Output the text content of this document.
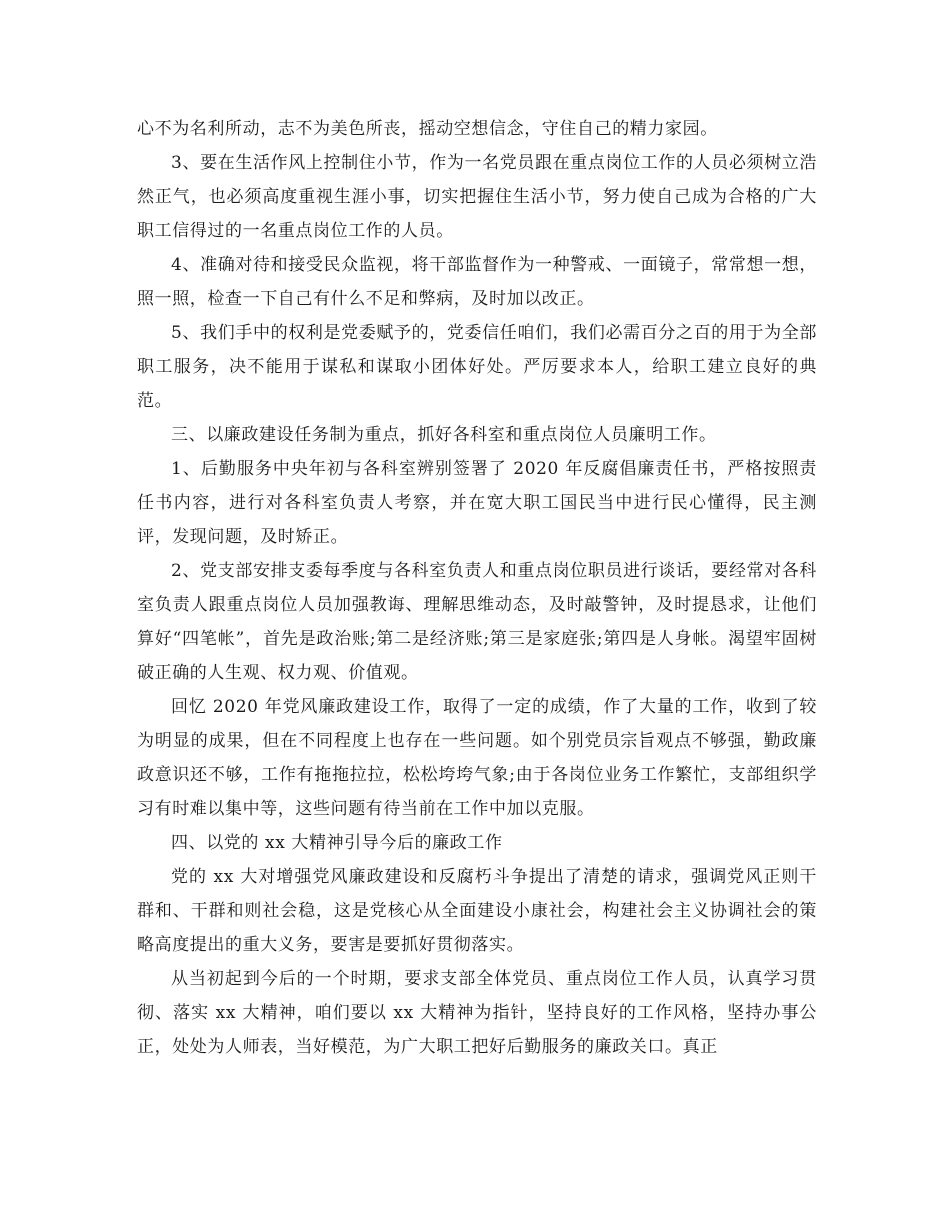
心不为名利所动，志不为美色所丧，摇动空想信念，守住自己的精力家园。

3、要在生活作风上控制住小节，作为一名党员跟在重点岗位工作的人员必须树立浩然正气，也必须高度重视生涯小事，切实把握住生活小节，努力使自己成为合格的广大职工信得过的一名重点岗位工作的人员。

4、准确对待和接受民众监视，将干部监督作为一种警戒、一面镜子，常常想一想，照一照，检查一下自己有什么不足和弊病，及时加以改正。

5、我们手中的权利是党委赋予的，党委信任咱们，我们必需百分之百的用于为全部职工服务，决不能用于谋私和谋取小团体好处。严厉要求本人，给职工建立良好的典范。

三、以廉政建设任务制为重点，抓好各科室和重点岗位人员廉明工作。

1、后勤服务中央年初与各科室辨别签署了 2020 年反腐倡廉责任书，严格按照责任书内容，进行对各科室负责人考察，并在宽大职工国民当中进行民心懂得，民主测评，发现问题，及时矫正。

2、党支部安排支委每季度与各科室负责人和重点岗位职员进行谈话，要经常对各科室负责人跟重点岗位人员加强教诲、理解思维动态，及时敲警钟，及时提恳求，让他们算好“四笔帐”，首先是政治账;第二是经济账;第三是家庭张;第四是人身帐。渴望牢固树破正确的人生观、权力观、价值观。

回忆 2020 年党风廉政建设工作，取得了一定的成绩，作了大量的工作，收到了较为明显的成果，但在不同程度上也存在一些问题。如个别党员宗旨观点不够强，勤政廉政意识还不够，工作有拖拖拉拉，松松垮垮气象;由于各岗位业务工作繁忙，支部组织学习有时难以集中等，这些问题有待当前在工作中加以克服。

四、以党的 xx 大精神引导今后的廉政工作

党的 xx 大对增强党风廉政建设和反腐朽斗争提出了清楚的请求，强调党风正则干群和、干群和则社会稳，这是党核心从全面建设小康社会，构建社会主义协调社会的策略高度提出的重大义务，要害是要抓好贯彻落实。

从当初起到今后的一个时期，要求支部全体党员、重点岗位工作人员，认真学习贯彻、落实 xx 大精神，咱们要以 xx 大精神为指针，坚持良好的工作风格，坚持办事公正，处处为人师表，当好模范，为广大职工把好后勤服务的廉政关口。真正
